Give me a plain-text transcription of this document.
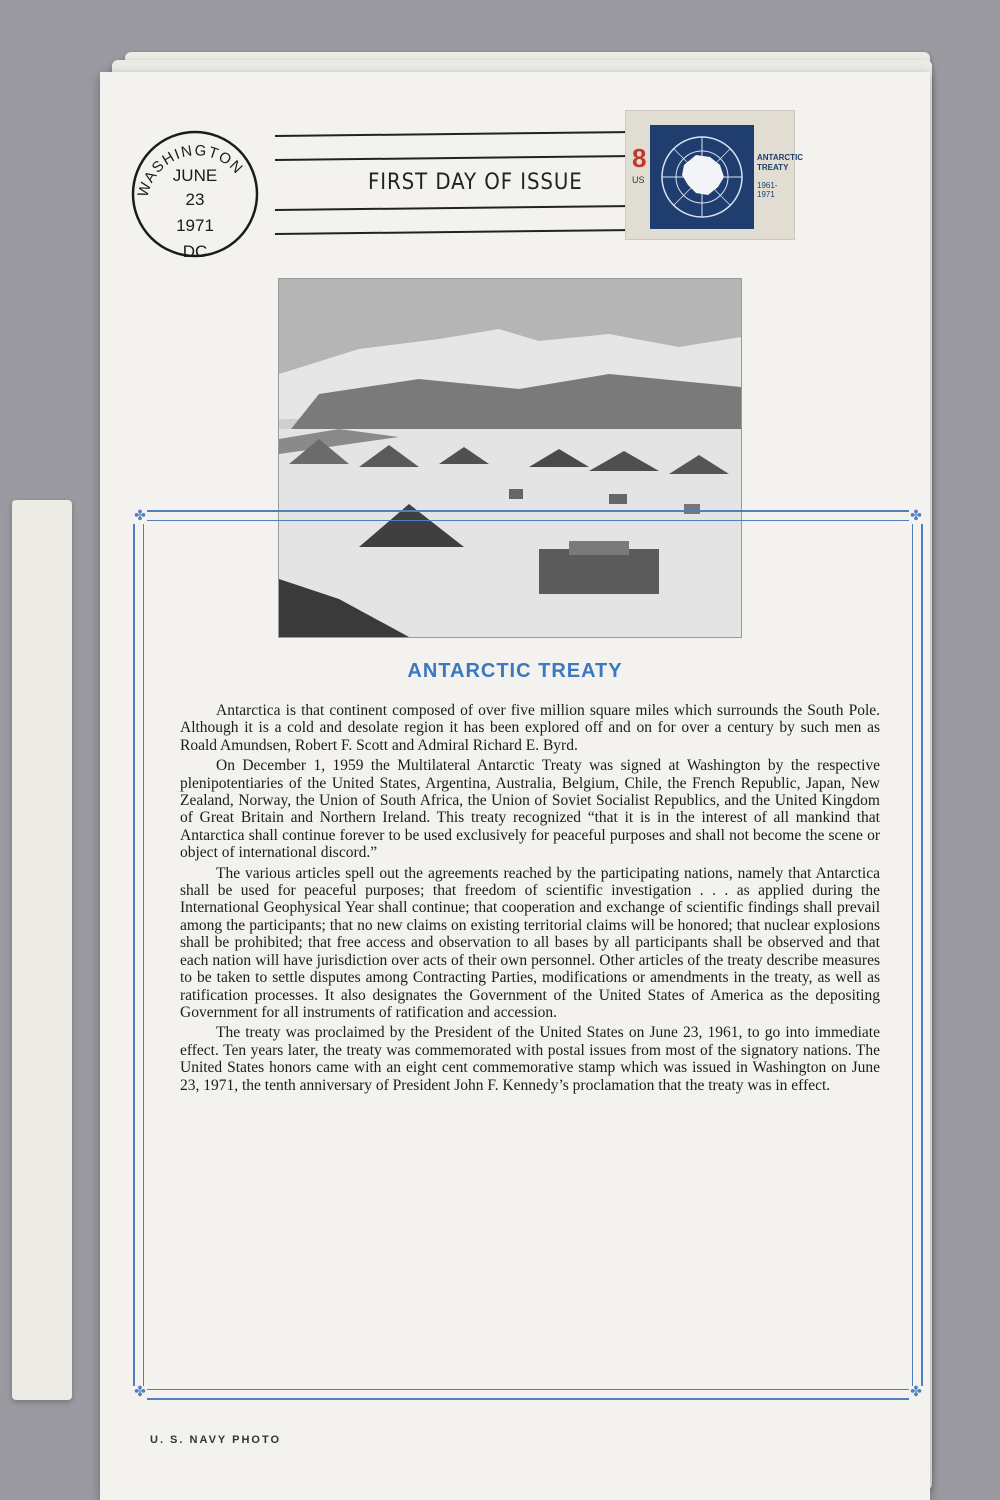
WASHINGTON
JUNE
23
1971
DC
FIRST DAY OF ISSUE
8
US
ANTARCTIC TREATY
1961-1971
✤	✤
✤	✤
ANTARCTIC TREATY

Antarctica is that continent composed of over five million square miles which surrounds the South Pole. Although it is a cold and desolate region it has been explored off and on for over a century by such men as Roald Amundsen, Robert F. Scott and Admiral Richard E. Byrd.

On December 1, 1959 the Multilateral Antarctic Treaty was signed at Washington by the respective plenipotentiaries of the United States, Argentina, Australia, Belgium, Chile, the French Republic, Japan, New Zealand, Norway, the Union of South Africa, the Union of Soviet Socialist Republics, and the United Kingdom of Great Britain and Northern Ireland. This treaty recognized “that it is in the interest of all mankind that Antarctica shall continue forever to be used exclusively for peaceful purposes and shall not become the scene or object of international discord.”

The various articles spell out the agreements reached by the participating nations, namely that Antarctica shall be used for peaceful purposes; that freedom of scientific investigation . . . as applied during the International Geophysical Year shall continue; that cooperation and exchange of scientific findings shall prevail among the participants; that no new claims on existing territorial claims will be honored; that nuclear explosions shall be prohibited; that free access and observation to all bases by all participants shall be observed and that each nation will have jurisdiction over acts of their own personnel. Other articles of the treaty describe measures to be taken to settle disputes among Contracting Parties, modifications or amendments in the treaty, as well as ratification processes. It also designates the Government of the United States of America as the depositing Government for all instruments of ratification and accession.

The treaty was proclaimed by the President of the United States on June 23, 1961, to go into immediate effect. Ten years later, the treaty was commemorated with postal issues from most of the signatory nations. The United States honors came with an eight cent commemorative stamp which was issued in Washington on June 23, 1971, the tenth anniversary of President John F. Kennedy’s proclamation that the treaty was in effect.

U. S. NAVY PHOTO
